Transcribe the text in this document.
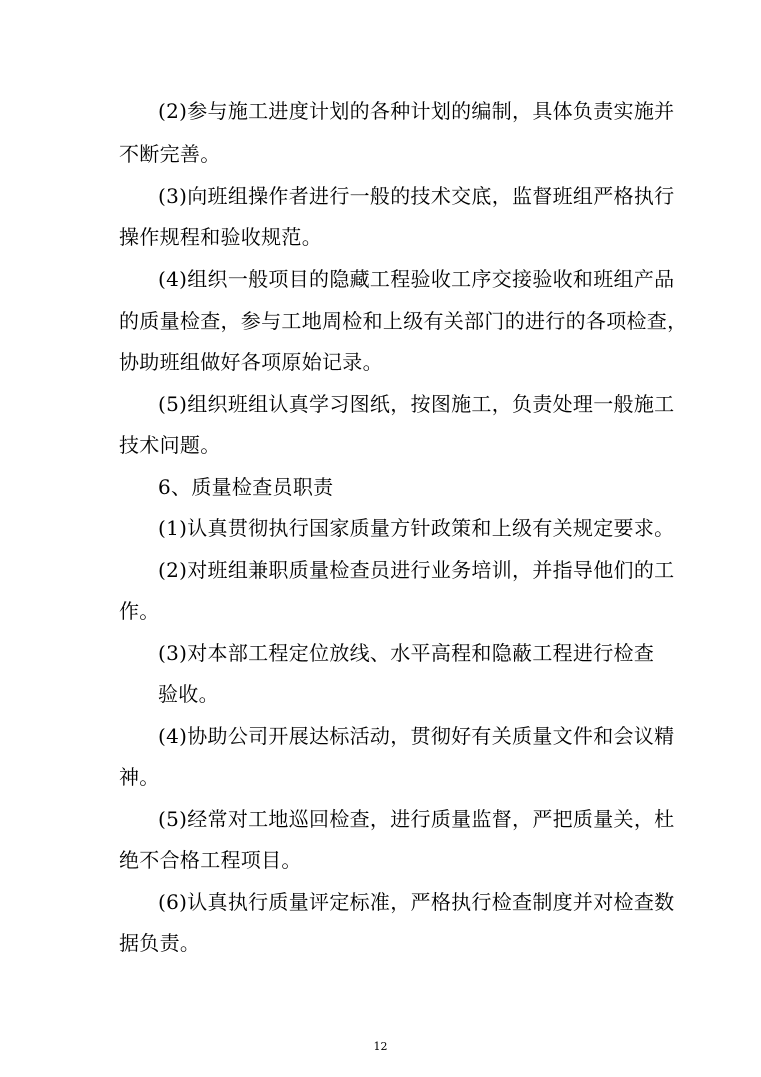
(2)参与施工进度计划的各种计划的编制，具体负责实施并
不断完善。
(3)向班组操作者进行一般的技术交底，监督班组严格执行
操作规程和验收规范。
(4)组织一般项目的隐藏工程验收工序交接验收和班组产品
的质量检查，参与工地周检和上级有关部门的进行的各项检查，
协助班组做好各项原始记录。
(5)组织班组认真学习图纸，按图施工，负责处理一般施工
技术问题。
6、质量检查员职责
(1)认真贯彻执行国家质量方针政策和上级有关规定要求。
(2)对班组兼职质量检查员进行业务培训，并指导他们的工
作。
(3)对本部工程定位放线、水平高程和隐蔽工程进行检查
验收。
(4)协助公司开展达标活动，贯彻好有关质量文件和会议精
神。
(5)经常对工地巡回检查，进行质量监督，严把质量关，杜
绝不合格工程项目。
(6)认真执行质量评定标准，严格执行检查制度并对检查数
据负责。
12
